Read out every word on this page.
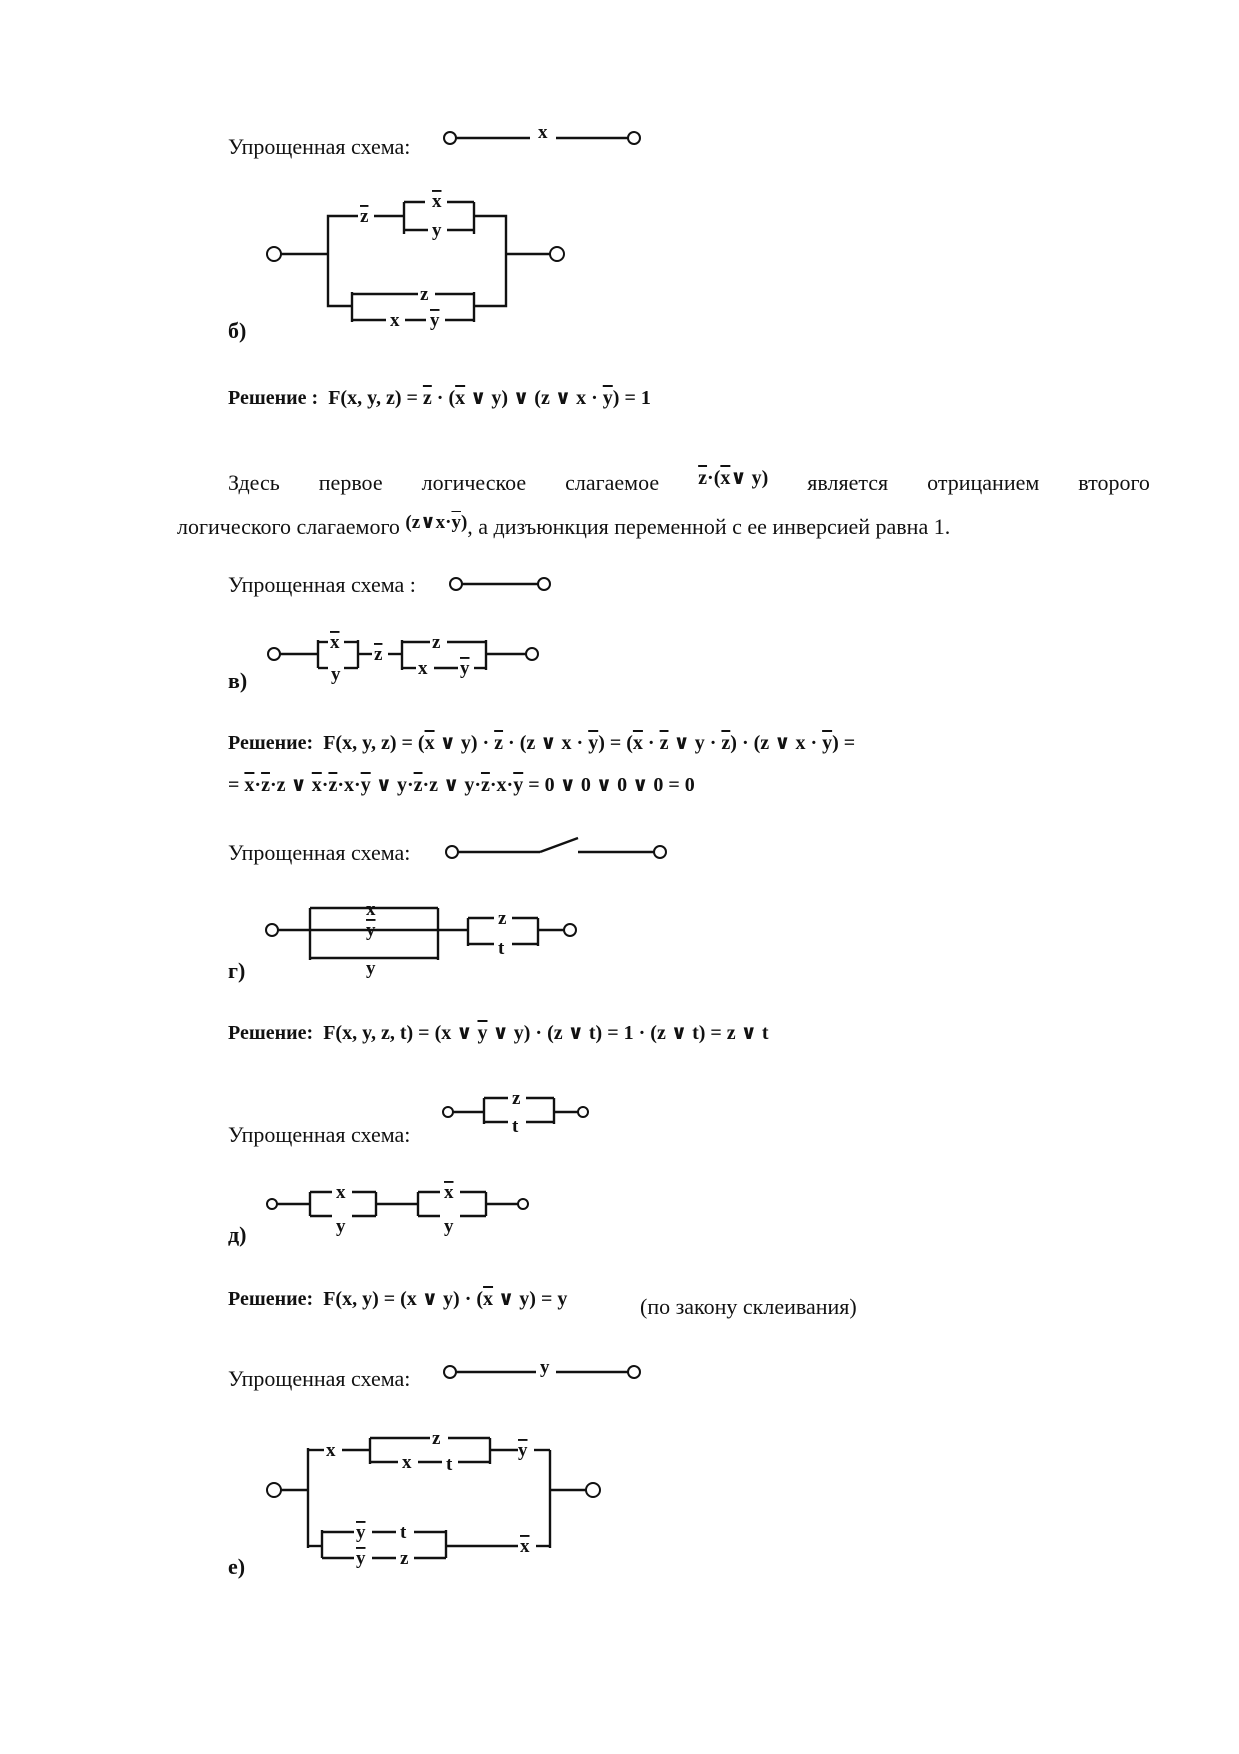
Упрощенная схема:
x
z
x
y
z
x y
б)
Решение : F(x, y, $z) = \overline{z} \cdot (\overline{x}$ ∨ y) ∨ (z ∨ $x \cdot \overline{y}) = 1$
Здесь первое логическое слагаемое $\overline{z}\cdot(\overline{x}\vee$ y) является отрицанием второго
логического слагаемого $(z\vee x\cdot\overline{y})$, а дизъюнкция переменной с ее инверсией равна 1.
Упрощенная схема :
x
y
z
z
x y
в)
Решение: F(x, y, $z) = (\overline{x}$ ∨ $y) \cdot \overline{z} \cdot (z$ ∨ $x \cdot \overline{y}) = (\overline{x} \cdot \overline{z}$ ∨ $y \cdot \overline{z}) \cdot (z$ ∨ $x \cdot \overline{y}$) =
= $\overline{x}\cdot\overline{z}\cdot z$ ∨ $\overline{x}\cdot\overline{z}\cdot x\cdot\overline{y}$ ∨ $y\cdot\overline{z}\cdot z$ ∨ $y\cdot\overline{z}\cdot x\cdot\overline{y} = 0$ ∨ 0 ∨ 0 ∨ 0 = 0
Упрощенная схема:
x
y
y
z
t
г)
Решение: F(x, y, z, t) = (x ∨ $\overline{y}$ ∨ y) · (z ∨ t) = 1 · (z ∨ t) = z ∨ t
z
t
Упрощенная схема:
x
y
x
y
д)
Решение: F(x, y) = (x ∨ $y) \cdot (\overline{x}$ ∨ y) = y	(по закону склеивания)
Упрощенная схема:	y
x
z
x t
y
y t
y z
x
е)
